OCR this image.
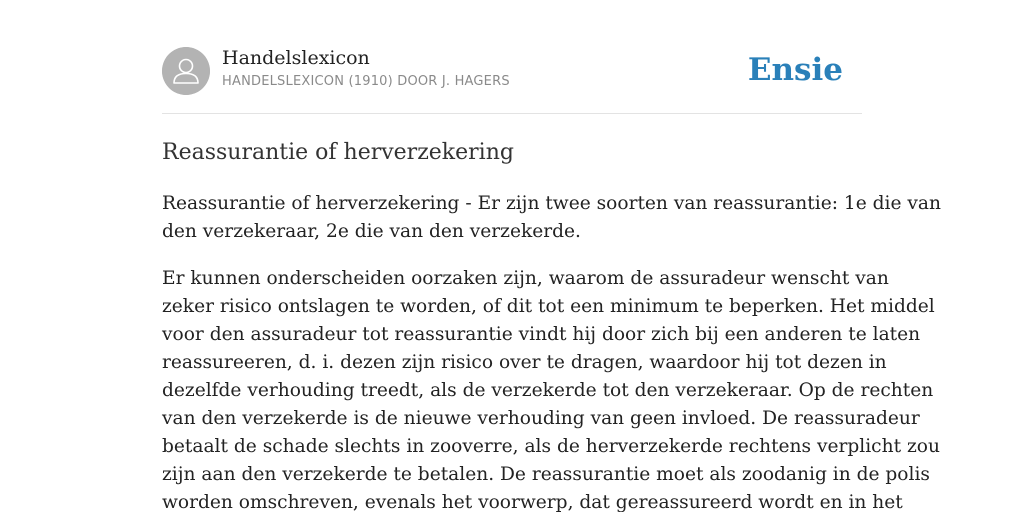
Handelslexicon
HANDELSLEXICON (1910) DOOR J. HAGERS	Ensie
Reassurantie of herverzekering

Reassurantie of herverzekering - Er zijn twee soorten van reassurantie: 1e die van
den verzekeraar, 2e die van den verzekerde.

Er kunnen onderscheiden oorzaken zijn, waarom de assuradeur wenscht van
zeker risico ontslagen te worden, of dit tot een minimum te beperken. Het middel
voor den assuradeur tot reassurantie vindt hij door zich bij een anderen te laten
reassureeren, d. i. dezen zijn risico over te dragen, waardoor hij tot dezen in
dezelfde verhouding treedt, als de verzekerde tot den verzekeraar. Op de rechten
van den verzekerde is de nieuwe verhouding van geen invloed. De reassuradeur
betaalt de schade slechts in zooverre, als de herverzekerde rechtens verplicht zou
zijn aan den verzekerde te betalen. De reassurantie moet als zoodanig in de polis
worden omschreven, evenals het voorwerp, dat gereassureerd wordt en in het
